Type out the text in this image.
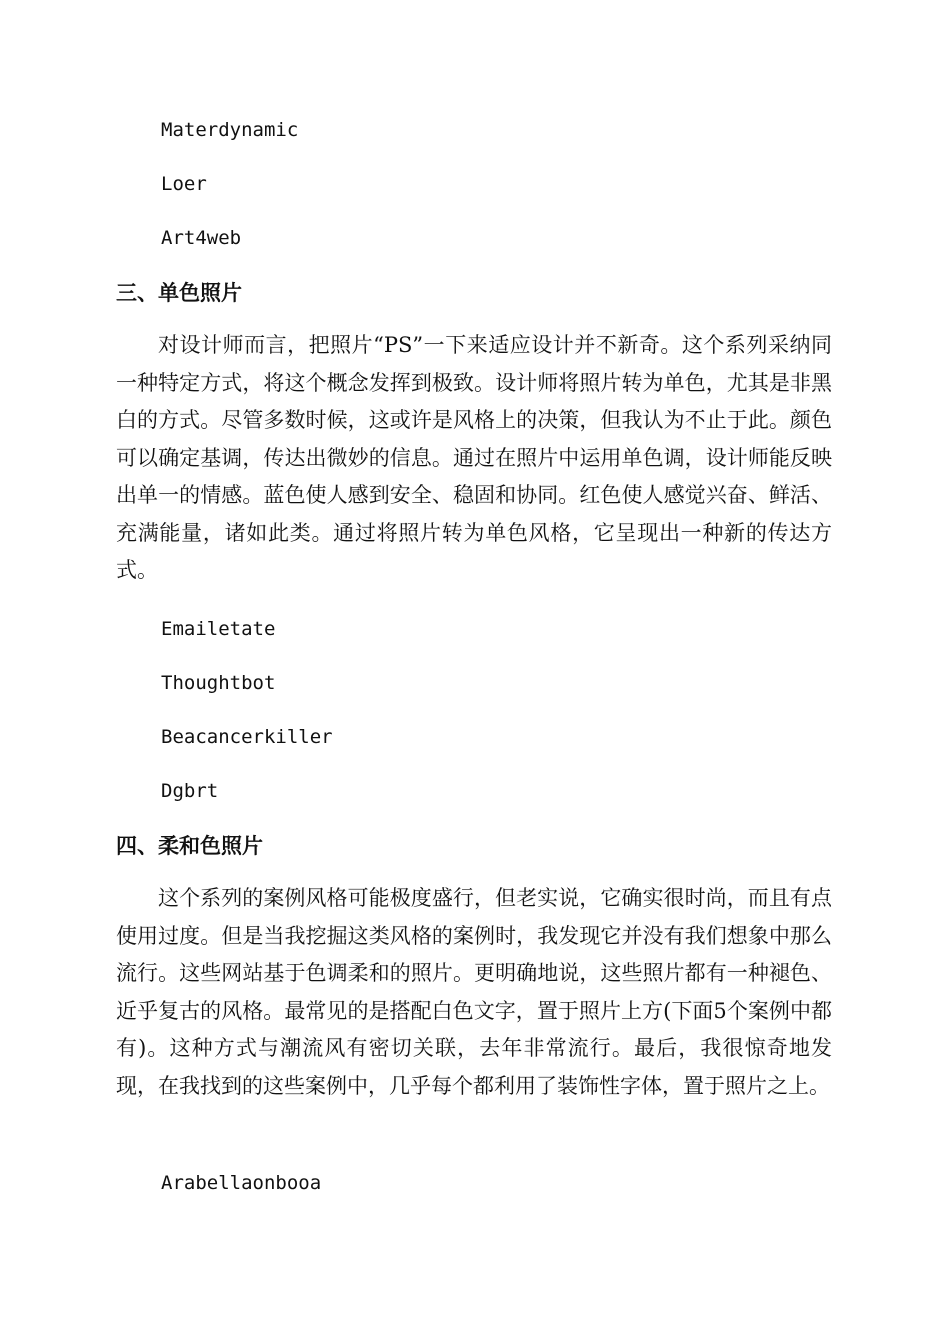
Materdynamic
Loer
Art4web
三、单色照片

对设计师而言，把照片“PS”一下来适应设计并不新奇。这个系列采纳同一种特定方式，将这个概念发挥到极致。设计师将照片转为单色，尤其是非黑白的方式。尽管多数时候，这或许是风格上的决策，但我认为不止于此。颜色可以确定基调，传达出微妙的信息。通过在照片中运用单色调，设计师能反映出单一的情感。蓝色使人感到安全、稳固和协同。红色使人感觉兴奋、鲜活、充满能量，诸如此类。通过将照片转为单色风格，它呈现出一种新的传达方式。

Emailetate
Thoughtbot
Beacancerkiller
Dgbrt
四、柔和色照片

这个系列的案例风格可能极度盛行，但老实说，它确实很时尚，而且有点使用过度。但是当我挖掘这类风格的案例时，我发现它并没有我们想象中那么流行。这些网站基于色调柔和的照片。更明确地说，这些照片都有一种褪色、近乎复古的风格。最常见的是搭配白色文字，置于照片上方(下面5个案例中都有)。这种方式与潮流风有密切关联，去年非常流行。最后，我很惊奇地发现，在我找到的这些案例中，几乎每个都利用了装饰性字体，置于照片之上。

Arabellaonbooa
